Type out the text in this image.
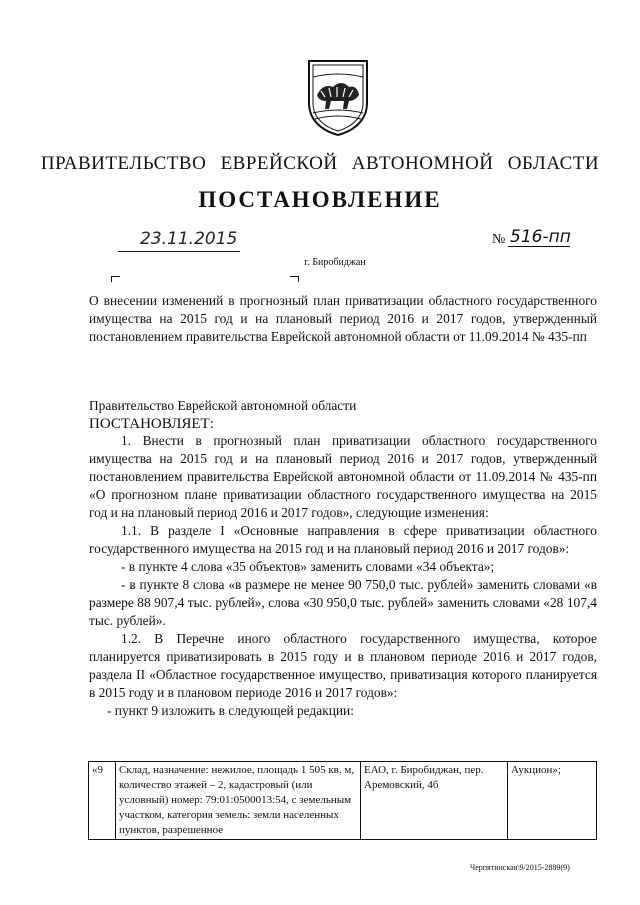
ПРАВИТЕЛЬСТВО ЕВРЕЙСКОЙ АВТОНОМНОЙ ОБЛАСТИ
ПОСТАНОВЛЕНИЕ
23.11.2015	№ 516-пп
г. Биробиджан
О внесении изменений в прогнозный план приватизации областного государственного имущества на 2015 год и на плановый период 2016 и 2017 годов, утвержденный постановлением правительства Еврейской автономной области от 11.09.2014 № 435-пп
Правительство Еврейской автономной области
ПОСТАНОВЛЯЕТ:

1. Внести в прогнозный план приватизации областного государственного имущества на 2015 год и на плановый период 2016 и 2017 годов, утвержденный постановлением правительства Еврейской автономной области от 11.09.2014 № 435-пп «О прогнозном плане приватизации областного государственного имущества на 2015 год и на плановый период 2016 и 2017 годов», следующие изменения:

1.1. В разделе I «Основные направления в сфере приватизации областного государственного имущества на 2015 год и на плановый период 2016 и 2017 годов»:

- в пункте 4 слова «35 объектов» заменить словами «34 объекта»;

- в пункте 8 слова «в размере не менее 90 750,0 тыс. рублей» заменить словами «в размере 88 907,4 тыс. рублей», слова «30 950,0 тыс. рублей» заменить словами «28 107,4 тыс. рублей».

1.2. В Перечне иного областного государственного имущества, которое планируется приватизировать в 2015 году и в плановом периоде 2016 и 2017 годов, раздела II «Областное государственное имущество, приватизация которого планируется в 2015 году и в плановом периоде 2016 и 2017 годов»:

- пункт 9 изложить в следующей редакции:

«9	Склад, назначение: нежилое, площадь 1 505 кв. м, количество этажей – 2, кадастровый (или условный) номер: 79:01:0500013:54, с земельным участком, категория земель: земли населенных пунктов, разрешенное	ЕАО, г. Биробиджан, пер. Аремовский, 4б	Аукцион»;
Черпятинская\9/2015-2889(9)
